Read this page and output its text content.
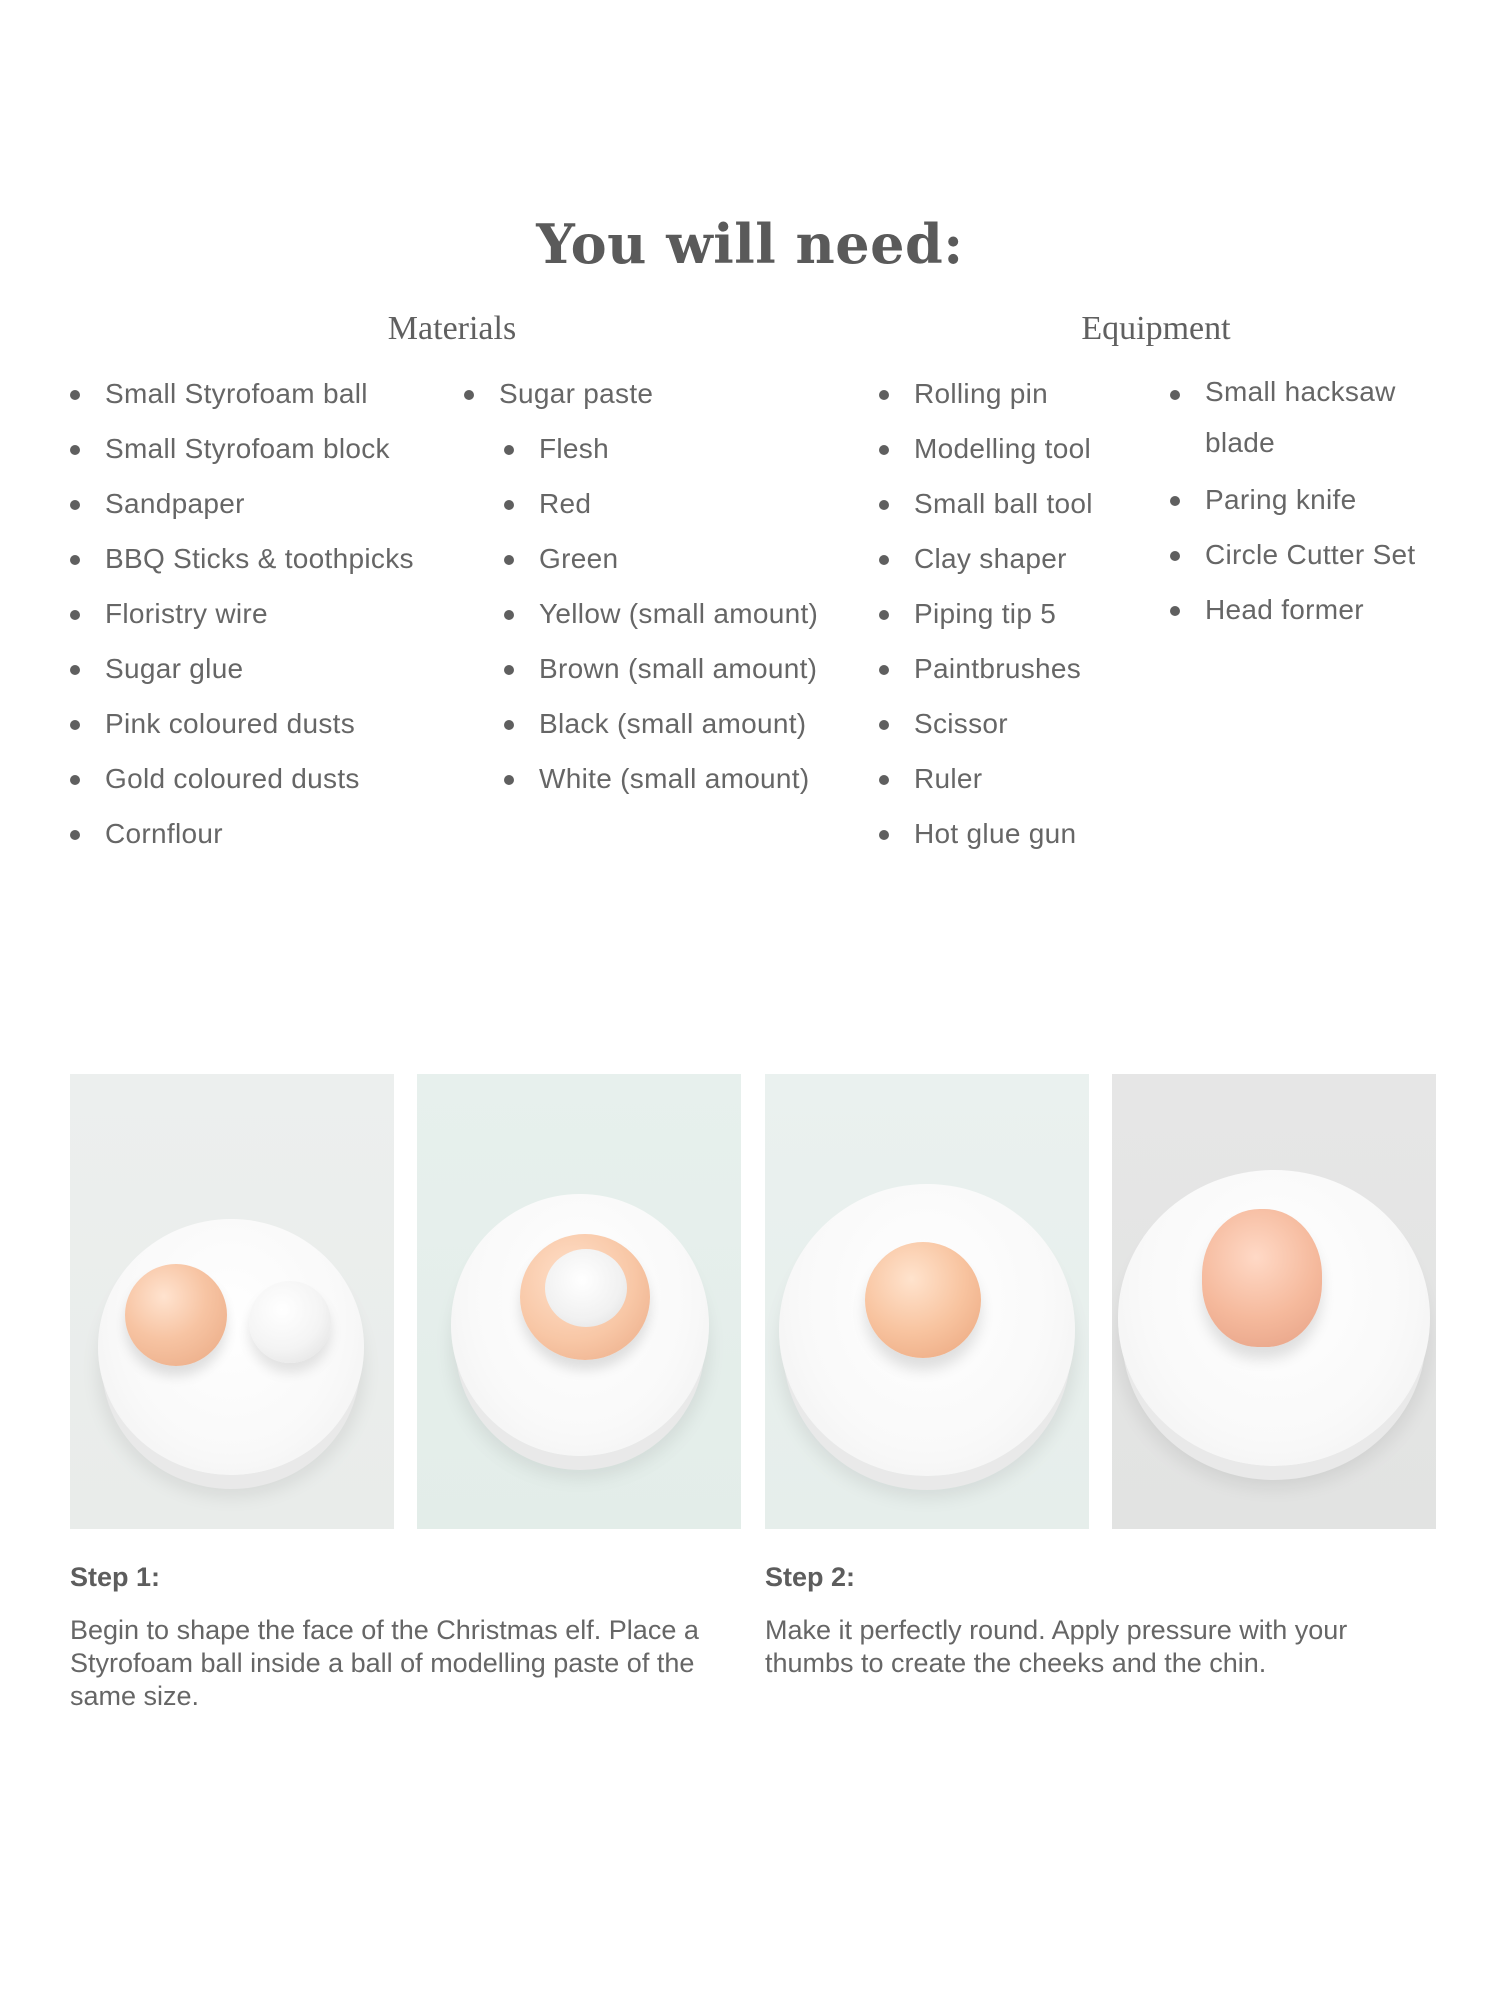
You will need:
Materials	Equipment
Small Styrofoam ball
Small Styrofoam block
Sandpaper
BBQ Sticks & toothpicks
Floristry wire
Sugar glue
Pink coloured dusts
Gold coloured dusts
Cornflour
Sugar paste
Flesh
Red
Green
Yellow (small amount)
Brown (small amount)
Black (small amount)
White (small amount)
Rolling pin
Modelling tool
Small ball tool
Clay shaper
Piping tip 5
Paintbrushes
Scissor
Ruler
Hot glue gun
Small hacksaw blade
Paring knife
Circle Cutter Set
Head former
Step 1:
Begin to shape the face of the Christmas elf. Place a Styrofoam ball inside a ball of modelling paste of the same size.
Step 2:
Make it perfectly round. Apply pressure with your thumbs to create the cheeks and the chin.
